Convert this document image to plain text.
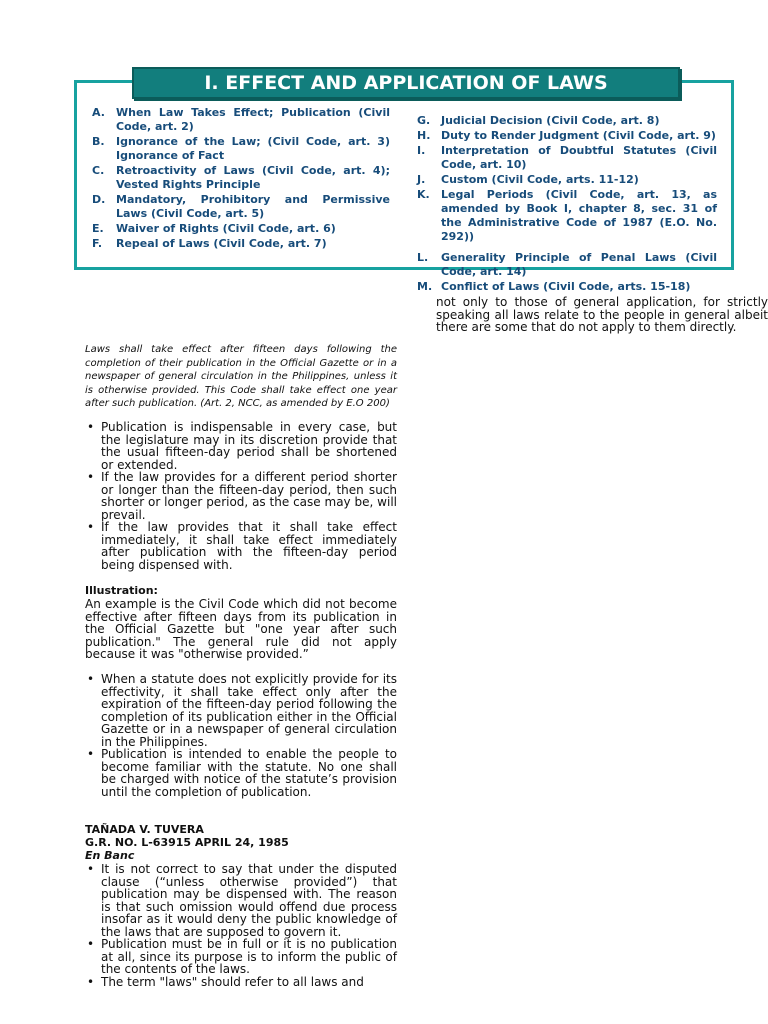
I. EFFECT AND APPLICATION OF LAWS
A. When Law Takes Effect; Publication (Civil Code, art. 2)
B. Ignorance of the Law; (Civil Code, art. 3) Ignorance of Fact
C. Retroactivity of Laws (Civil Code, art. 4); Vested Rights Principle
D. Mandatory, Prohibitory and Permissive Laws (Civil Code, art. 5)
E. Waiver of Rights (Civil Code, art. 6)
F. Repeal of Laws (Civil Code, art. 7)
G. Judicial Decision (Civil Code, art. 8)
H. Duty to Render Judgment (Civil Code, art. 9)
I. Interpretation of Doubtful Statutes (Civil Code, art. 10)
J. Custom (Civil Code, arts. 11-12)
K. Legal Periods (Civil Code, art. 13, as amended by Book I, chapter 8, sec. 31 of the Administrative Code of 1987 (E.O. No. 292))
L. Generality Principle of Penal Laws (Civil Code, art. 14)
M. Conflict of Laws (Civil Code, arts. 15-18)
not only to those of general application, for strictly speaking all laws relate to the people in general albeit there are some that do not apply to them directly.
Laws shall take effect after fifteen days following the completion of their publication in the Official Gazette or in a newspaper of general circulation in the Philippines, unless it is otherwise provided. This Code shall take effect one year after such publication. (Art. 2, NCC, as amended by E.O 200)
• Publication is indispensable in every case, but the legislature may in its discretion provide that the usual fifteen-day period shall be shortened or extended.
• If the law provides for a different period shorter or longer than the fifteen-day period, then such shorter or longer period, as the case may be, will prevail.
• If the law provides that it shall take effect immediately, it shall take effect immediately after publication with the fifteen-day period being dispensed with.
Illustration:
An example is the Civil Code which did not become effective after fifteen days from its publication in the Official Gazette but "one year after such publication." The general rule did not apply because it was "otherwise provided.”
• When a statute does not explicitly provide for its effectivity, it shall take effect only after the expiration of the fifteen-day period following the completion of its publication either in the Official Gazette or in a newspaper of general circulation in the Philippines.
• Publication is intended to enable the people to become familiar with the statute. No one shall be charged with notice of the statute’s provision until the completion of publication.
TAÑADA V. TUVERA
G.R. NO. L-63915 APRIL 24, 1985
En Banc
• It is not correct to say that under the disputed clause (“unless otherwise provided”) that publication may be dispensed with. The reason is that such omission would offend due process insofar as it would deny the public knowledge of the laws that are supposed to govern it.
• Publication must be in full or it is no publication at all, since its purpose is to inform the public of the contents of the laws.
• The term "laws" should refer to all laws and
